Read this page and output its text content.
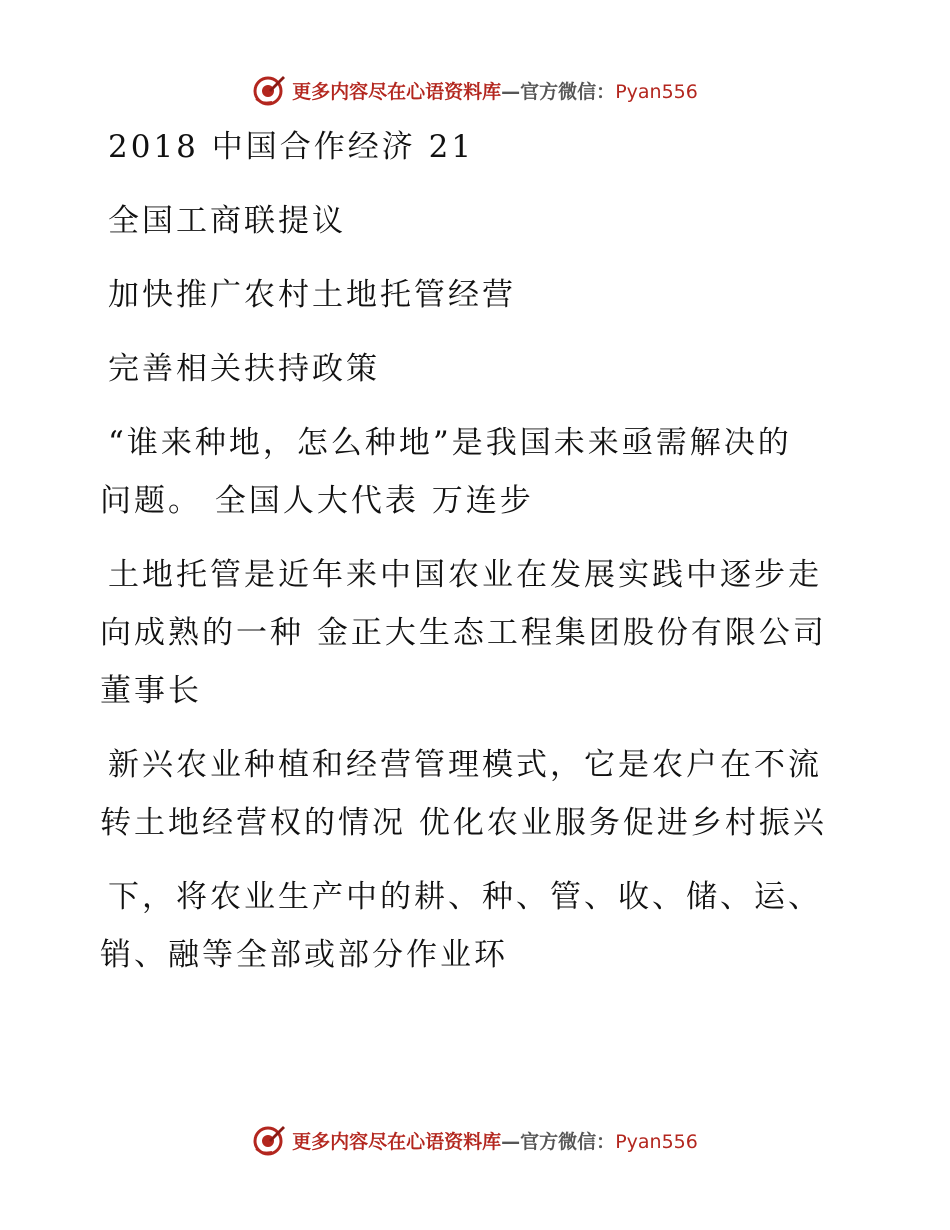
更多内容尽在心语资料库—官方微信：Pyan556
2018 中国合作经济 21
全国工商联提议
加快推广农村土地托管经营
完善相关扶持政策
“谁来种地，怎么种地”是我国未来亟需解决的
问题。 全国人大代表 万连步
土地托管是近年来中国农业在发展实践中逐步走
向成熟的一种 金正大生态工程集团股份有限公司
董事长
新兴农业种植和经营管理模式，它是农户在不流
转土地经营权的情况 优化农业服务促进乡村振兴
下，将农业生产中的耕、种、管、收、储、运、
销、融等全部或部分作业环
更多内容尽在心语资料库—官方微信：Pyan556
